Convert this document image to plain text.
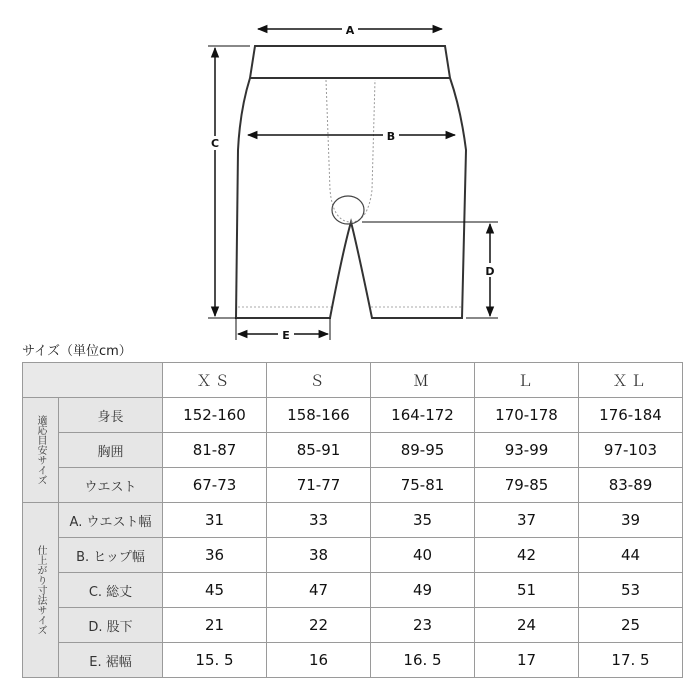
A
B
C
D
E
サイズ（単位cm）
		ＸＳ	Ｓ	Ｍ	Ｌ	ＸＬ

適応目安サイズ	身長	152-160	158-166	164-172	170-178	176-184
	胸囲	81-87	85-91	89-95	93-99	97-103
	ウエスト	67-73	71-77	75-81	79-85	83-89

仕上がり寸法サイズ	A. ウエスト幅	31	33	35	37	39
	B. ヒップ幅	36	38	40	42	44
	C. 総丈	45	47	49	51	53
	D. 股下	21	22	23	24	25
	E. 裾幅	15. 5	16	16. 5	17	17. 5
